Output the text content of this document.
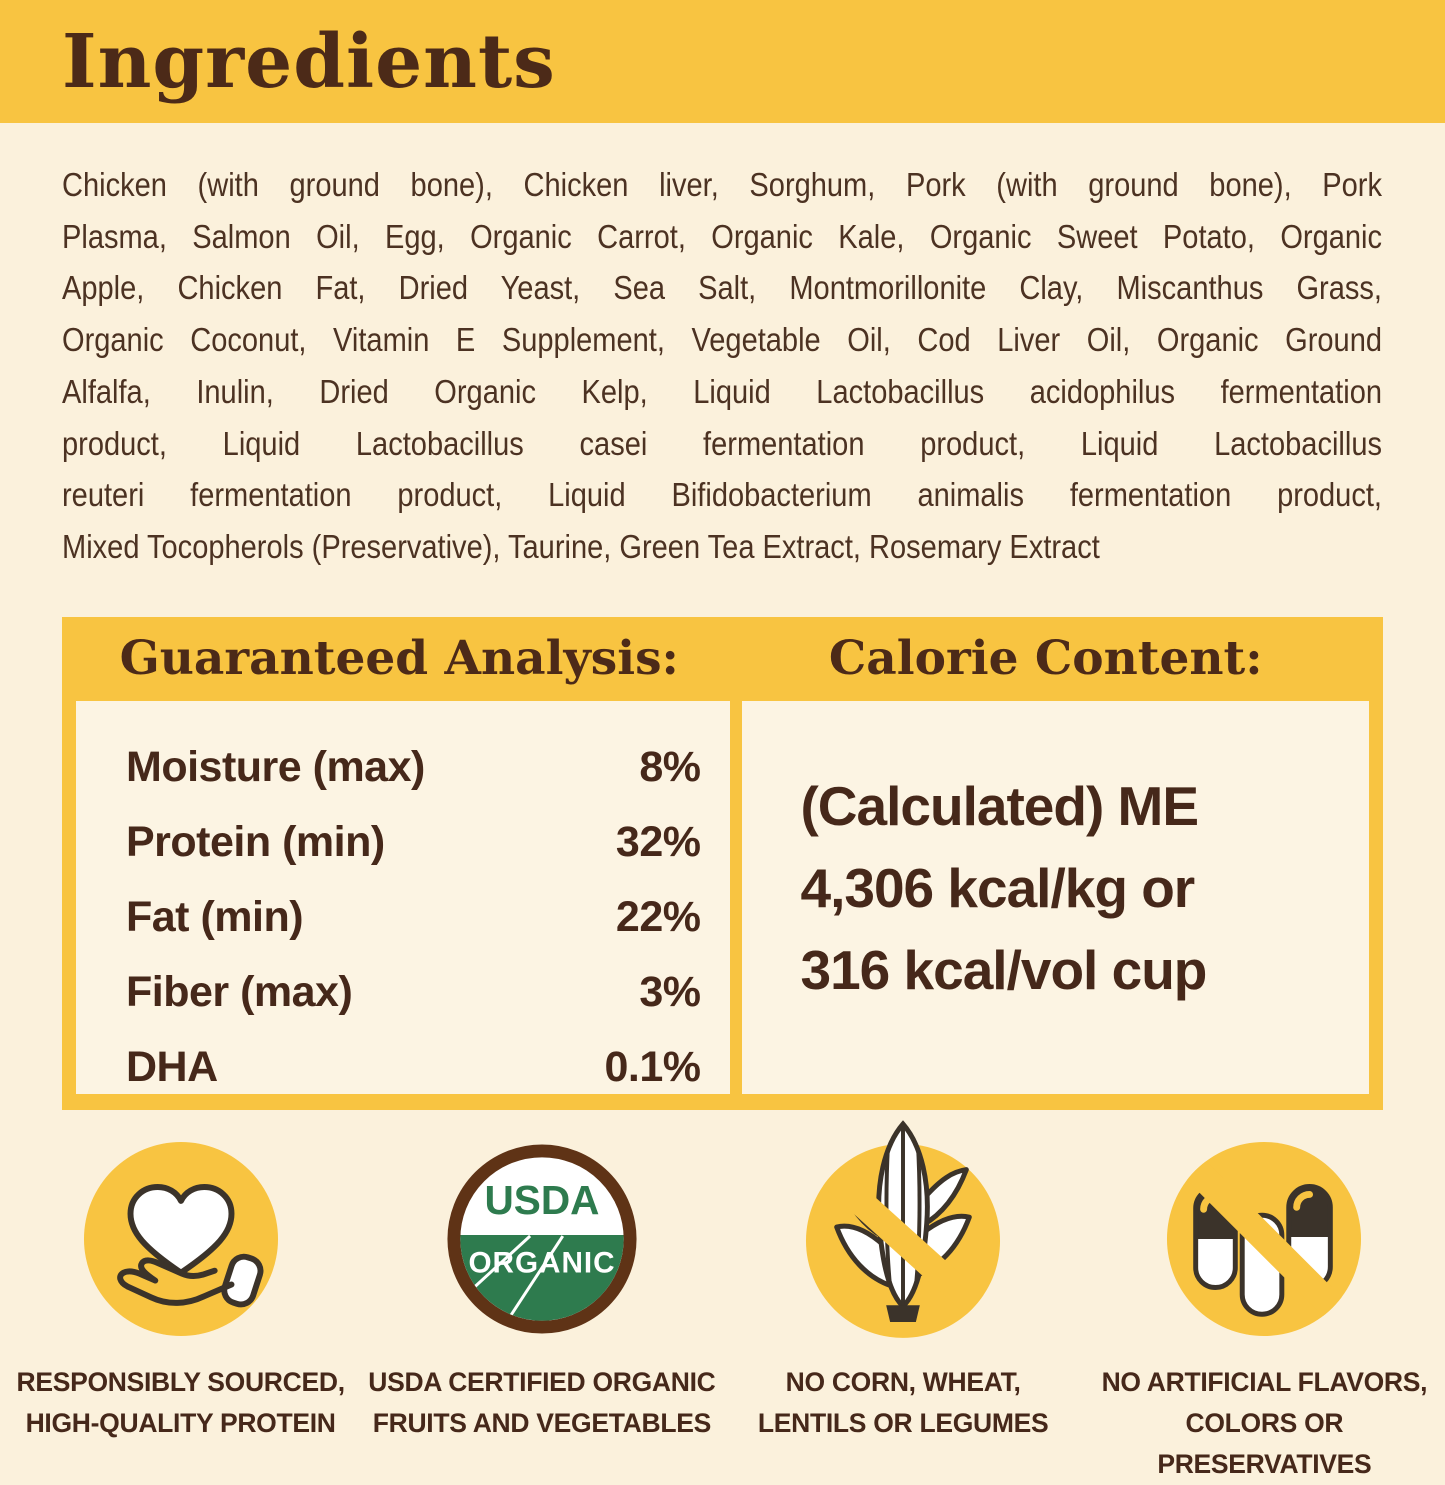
Ingredients
Chicken (with ground bone), Chicken liver, Sorghum, Pork (with ground bone), Pork
Plasma, Salmon Oil, Egg, Organic Carrot, Organic Kale, Organic Sweet Potato, Organic
Apple, Chicken Fat, Dried Yeast, Sea Salt, Montmorillonite Clay, Miscanthus Grass,
Organic Coconut, Vitamin E Supplement, Vegetable Oil, Cod Liver Oil, Organic Ground
Alfalfa, Inulin, Dried Organic Kelp, Liquid Lactobacillus acidophilus fermentation
product, Liquid Lactobacillus casei fermentation product, Liquid Lactobacillus
reuteri fermentation product, Liquid Bifidobacterium animalis fermentation product,
Mixed Tocopherols (Preservative), Taurine, Green Tea Extract, Rosemary Extract
Guaranteed Analysis:	Calorie Content:
Moisture (max)	8%
Protein (min)	32%
Fat (min)	22%
Fiber (max)	3%
DHA	0.1%
(Calculated) ME
4,306 kcal/kg or
316 kcal/vol cup
RESPONSIBLY SOURCED,
HIGH-QUALITY PROTEIN
USDA
ORGANIC
USDA CERTIFIED ORGANIC
FRUITS AND VEGETABLES
NO CORN, WHEAT,
LENTILS OR LEGUMES
NO ARTIFICIAL FLAVORS,
COLORS OR PRESERVATIVES
